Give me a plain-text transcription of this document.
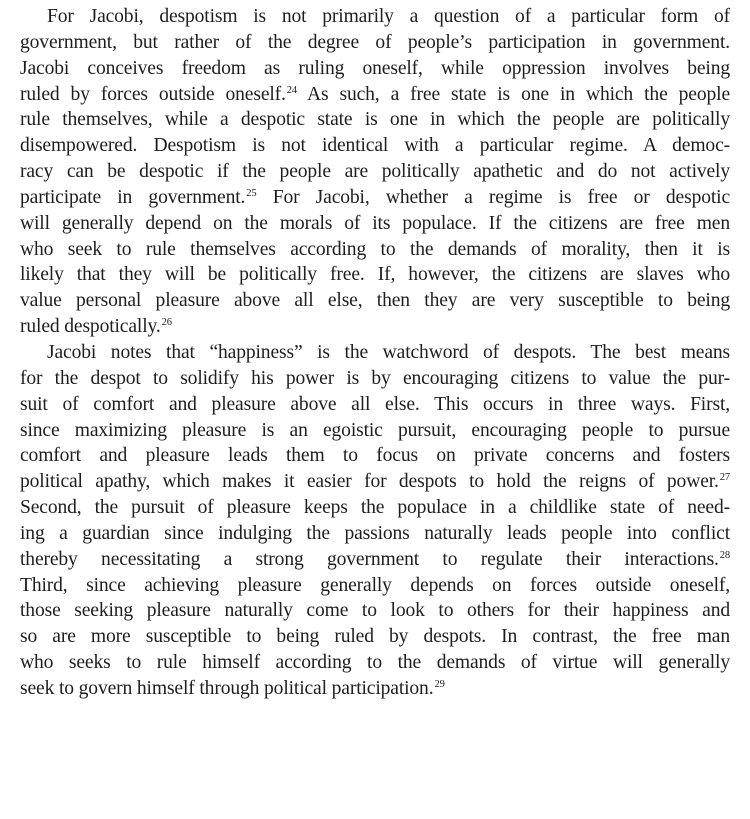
For Jacobi, despotism is not primarily a question of a particular form of
government, but rather of the degree of people’s participation in government.
Jacobi conceives freedom as ruling oneself, while oppression involves being
ruled by forces outside oneself.$^{24}$ As such, a free state is one in which the people
rule themselves, while a despotic state is one in which the people are politically
disempowered. Despotism is not identical with a particular regime. A democ-
racy can be despotic if the people are politically apathetic and do not actively
participate in government.$^{25}$ For Jacobi, whether a regime is free or despotic
will generally depend on the morals of its populace. If the citizens are free men
who seek to rule themselves according to the demands of morality, then it is
likely that they will be politically free. If, however, the citizens are slaves who
value personal pleasure above all else, then they are very susceptible to being
ruled despotically.$^{26}$
Jacobi notes that “happiness” is the watchword of despots. The best means
for the despot to solidify his power is by encouraging citizens to value the pur-
suit of comfort and pleasure above all else. This occurs in three ways. First,
since maximizing pleasure is an egoistic pursuit, encouraging people to pursue
comfort and pleasure leads them to focus on private concerns and fosters
political apathy, which makes it easier for despots to hold the reigns of power.$^{27}$
Second, the pursuit of pleasure keeps the populace in a childlike state of need-
ing a guardian since indulging the passions naturally leads people into conflict
thereby necessitating a strong government to regulate their interactions.$^{28}$
Third, since achieving pleasure generally depends on forces outside oneself,
those seeking pleasure naturally come to look to others for their happiness and
so are more susceptible to being ruled by despots. In contrast, the free man
who seeks to rule himself according to the demands of virtue will generally
seek to govern himself through political participation.$^{29}$
